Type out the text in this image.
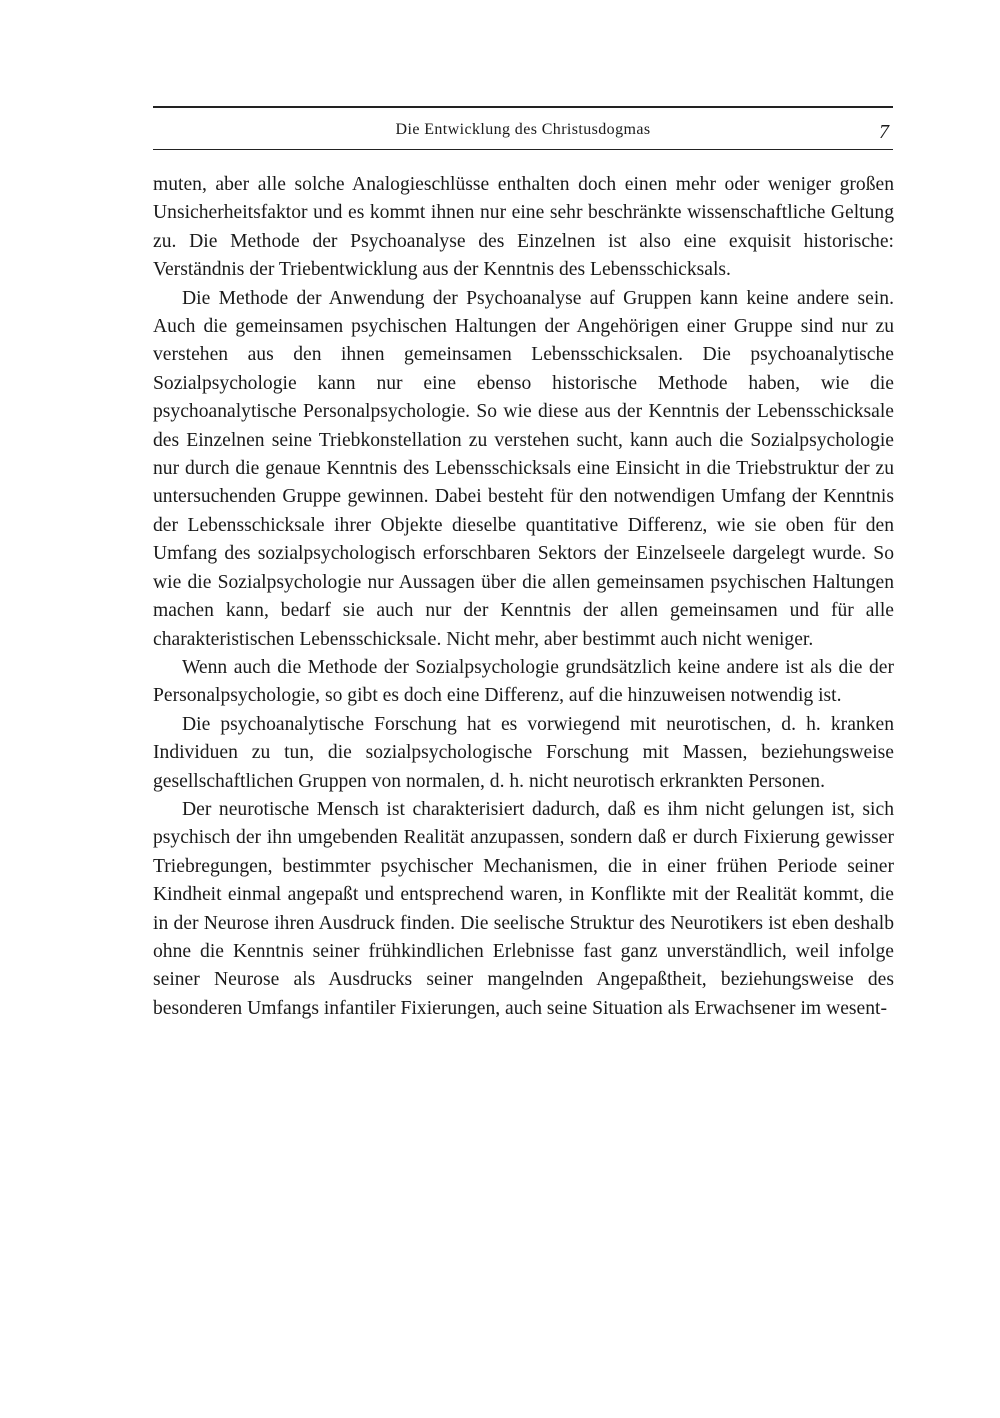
Die Entwicklung des Christusdogmas	7

muten, aber alle solche Analogieschlüsse enthalten doch einen mehr oder weniger großen Unsicherheitsfaktor und es kommt ihnen nur eine sehr beschränkte wissenschaftliche Geltung zu. Die Methode der Psychoanalyse des Einzelnen ist also eine exquisit historische: Verständnis der Triebentwicklung aus der Kenntnis des Lebensschicksals.

Die Methode der Anwendung der Psychoanalyse auf Gruppen kann keine andere sein. Auch die gemeinsamen psychischen Haltungen der Angehörigen einer Gruppe sind nur zu verstehen aus den ihnen gemeinsamen Lebensschicksalen. Die psychoanalytische Sozialpsychologie kann nur eine ebenso historische Methode haben, wie die psychoanalytische Personalpsychologie. So wie diese aus der Kenntnis der Lebensschicksale des Einzelnen seine Triebkonstellation zu verstehen sucht, kann auch die Sozialpsychologie nur durch die genaue Kenntnis des Lebensschicksals eine Einsicht in die Triebstruktur der zu untersuchenden Gruppe gewinnen. Dabei besteht für den notwendigen Umfang der Kenntnis der Lebensschicksale ihrer Objekte dieselbe quantitative Differenz, wie sie oben für den Umfang des sozialpsychologisch erforschbaren Sektors der Einzelseele dargelegt wurde. So wie die Sozialpsychologie nur Aussagen über die allen gemeinsamen psychischen Haltungen machen kann, bedarf sie auch nur der Kenntnis der allen gemeinsamen und für alle charakteristischen Lebensschicksale. Nicht mehr, aber bestimmt auch nicht weniger.

Wenn auch die Methode der Sozialpsychologie grundsätzlich keine andere ist als die der Personalpsychologie, so gibt es doch eine Differenz, auf die hinzuweisen notwendig ist.

Die psychoanalytische Forschung hat es vorwiegend mit neurotischen, d. h. kranken Individuen zu tun, die sozialpsychologische Forschung mit Massen, beziehungsweise gesellschaftlichen Gruppen von normalen, d. h. nicht neurotisch erkrankten Personen.

Der neurotische Mensch ist charakterisiert dadurch, daß es ihm nicht gelungen ist, sich psychisch der ihn umgebenden Realität anzupassen, sondern daß er durch Fixierung gewisser Triebregungen, bestimmter psychischer Mechanismen, die in einer frühen Periode seiner Kindheit einmal angepaßt und entsprechend waren, in Konflikte mit der Realität kommt, die in der Neurose ihren Ausdruck finden. Die seelische Struktur des Neurotikers ist eben deshalb ohne die Kenntnis seiner frühkindlichen Erlebnisse fast ganz unverständlich, weil infolge seiner Neurose als Ausdrucks seiner mangelnden Angepaßtheit, beziehungsweise des besonderen Umfangs infantiler Fixierungen, auch seine Situation als Erwachsener im wesent-
